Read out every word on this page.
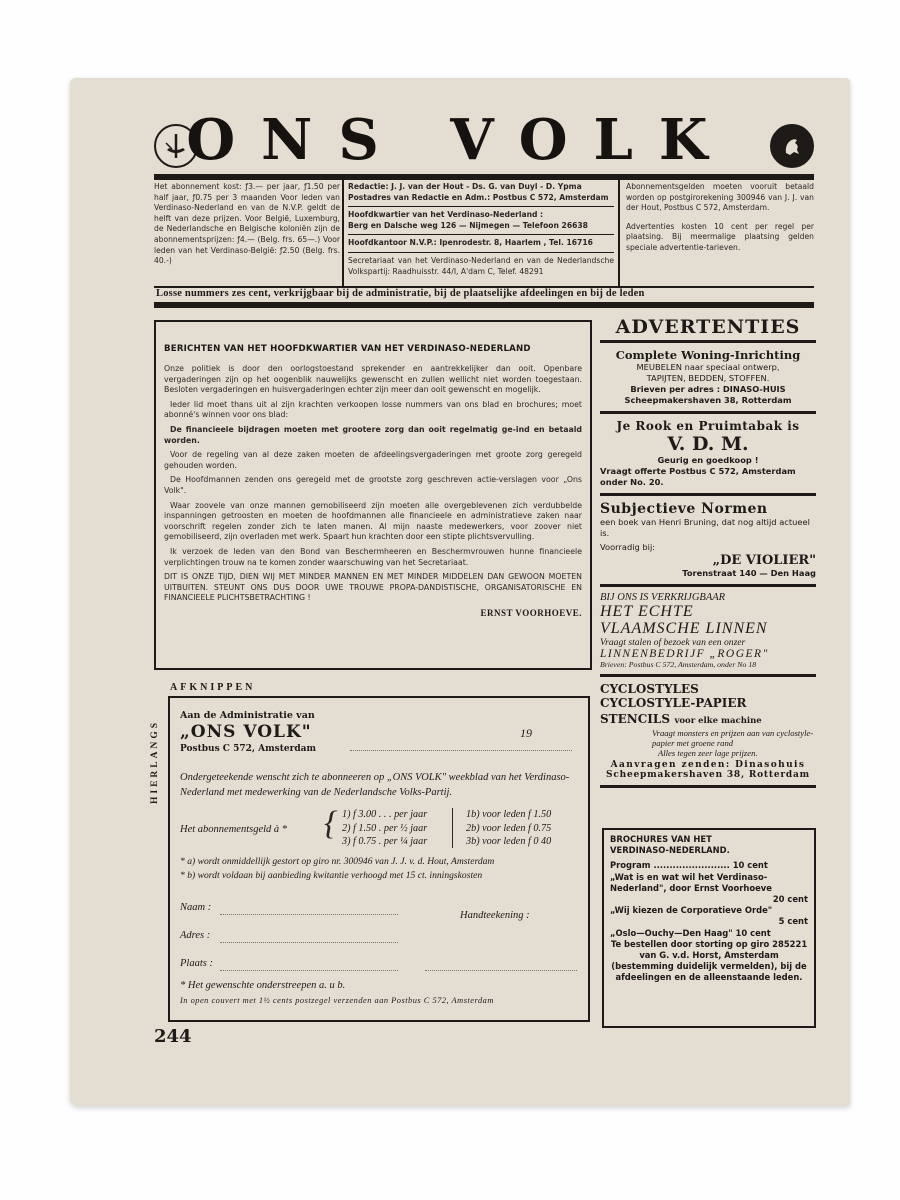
ONS VOLK
Het abonnement kost: ƒ3.— per jaar, ƒ1.50 per half jaar, ƒ0.75 per 3 maanden Voor leden van Verdinaso-Nederland en van de N.V.P. geldt de helft van deze prijzen. Voor België, Luxemburg, de Nederlandsche en Belgische koloniën zijn de abonnementsprijzen: ƒ4.— (Belg. frs. 65—.) Voor leden van het Verdinaso-België: ƒ2.50 (Belg. frs. 40.-)
Redactie: J. J. van der Hout - Ds. G. van Duyl - D. Ypma
Postadres van Redactie en Adm.: Postbus C 572, Amsterdam
Hoofdkwartier van het Verdinaso-Nederland :
Berg en Dalsche weg 126 — Nijmegen — Telefoon 26638
Hoofdkantoor N.V.P.: Ipenrodestr. 8, Haarlem , Tel. 16716
Secretariaat van het Verdinaso-Nederland en van de Nederlandsche Volkspartij: Raadhuisstr. 44/I, A'dam C, Telef. 48291
Abonnementsgelden moeten vooruit betaald worden op postgirorekening 300946 van J. J. van der Hout, Postbus C 572, Amsterdam.
Advertenties kosten 10 cent per regel per plaatsing. Bij meermalige plaatsing gelden speciale advertentie-tarieven.
Losse nummers zes cent, verkrijgbaar bij de administratie, bij de plaatselijke afdeelingen en bij de leden
BERICHTEN VAN HET HOOFDKWARTIER VAN HET VERDINASO-NEDERLAND

Onze politiek is door den oorlogstoestand sprekender en aantrekkelijker dan ooit. Openbare vergaderingen zijn op het oogenblik nauwelijks gewenscht en zullen wellicht niet worden toegestaan. Besloten vergaderingen en huisvergaderingen echter zijn meer dan ooit gewenscht en mogelijk.

Ieder lid moet thans uit al zijn krachten verkoopen losse nummers van ons blad en brochures; moet abonné's winnen voor ons blad:

De financieele bijdragen moeten met grootere zorg dan ooit regelmatig ge-ind en betaald worden.

Voor de regeling van al deze zaken moeten de afdeelingsvergaderingen met groote zorg geregeld gehouden worden.

De Hoofdmannen zenden ons geregeld met de grootste zorg geschreven actie-verslagen voor „Ons Volk".

Waar zoovele van onze mannen gemobiliseerd zijn moeten alle overgeblevenen zich verdubbelde inspanningen getroosten en moeten de hoofdmannen alle financieele en administratieve zaken naar voorschrift regelen zonder zich te laten manen. Al mijn naaste medewerkers, voor zoover niet gemobiliseerd, zijn overladen met werk. Spaart hun krachten door een stipte plichtsvervulling.

Ik verzoek de leden van den Bond van Beschermheeren en Beschermvrouwen hunne financieele verplichtingen trouw na te komen zonder waarschuwing van het Secretariaat.

DIT IS ONZE TIJD, DIEN WIJ MET MINDER MANNEN EN MET MINDER MIDDELEN DAN GEWOON MOETEN UITBUITEN. STEUNT ONS DUS DOOR UWE TROUWE PROPA-DANDISTISCHE, ORGANISATORISCHE EN FINANCIEELE PLICHTSBETRACHTING !

ERNST VOORHOEVE.
AFKNIPPEN
HIERLANGS
Aan de Administratie van
„ONS VOLK"
Postbus C 572, Amsterdam
19
Ondergeteekende wenscht zich te abonneeren op „ONS VOLK" weekblad van het Verdinaso-Nederland met medewerking van de Nederlandsche Volks-Partij.
Het abonnementsgeld à * { 1) f 3.00 . . . per jaar
2) f 1.50 . per ½ jaar
3) f 0.75 . per ¼ jaar
1b) voor leden f 1.50
2b) voor leden f 0.75
3b) voor leden f 0 40
* a) wordt onmiddellijk gestort op giro nr. 300946 van J. J. v. d. Hout, Amsterdam
* b) wordt voldaan bij aanbieding kwitantie verhoogd met 15 ct. inningskosten
Naam :
Handteekening :
Adres :
Plaats :
* Het gewenschte onderstreepen a. u b.
In open couvert met 1½ cents postzegel verzenden aan Postbus C 572, Amsterdam
244
ADVERTENTIES
Complete Woning-Inrichting
MEUBELEN naar speciaal ontwerp,
TAPIJTEN, BEDDEN, STOFFEN.
Brieven per adres : DINASO-HUIS
Scheepmakershaven 38, Rotterdam
Je Rook en Pruimtabak is
V. D. M.
Geurig en goedkoop !
Vraagt offerte Postbus C 572, Amsterdam
onder No. 20.
Subjectieve Normen
een boek van Henri Bruning, dat nog altijd actueel is.
Voorradig bij:
„DE VIOLIER"
Torenstraat 140 — Den Haag
BIJ ONS IS VERKRIJGBAAR
HET ECHTE
VLAAMSCHE LINNEN
Vraagt stalen of bezoek van een onzer
LINNENBEDRIJF „ROGER"
Brieven: Postbus C 572, Amsterdam, onder No 18
CYCLOSTYLES
CYCLOSTYLE-PAPIER
STENCILS voor elke machine
Vraagt monsters en prijzen aan van cyclostyle-papier met groene rand
Alles tegen zeer lage prijzen.
Aanvragen zenden: Dinasohuis
Scheepmakershaven 38, Rotterdam

BROCHURES VAN HET

VERDINASO-NEDERLAND.

Program ........................ 10 cent

„Wat is en wat wil het Verdinaso-Nederland", door Ernst Voorhoeve

20 cent

„Wij kiezen de Corporatieve Orde"

5 cent

„Oslo—Ouchy—Den Haag" 10 cent

Te bestellen door storting op giro 285221 van G. v.d. Horst, Amsterdam (bestemming duidelijk vermelden), bij de afdeelingen en de alleenstaande leden.
